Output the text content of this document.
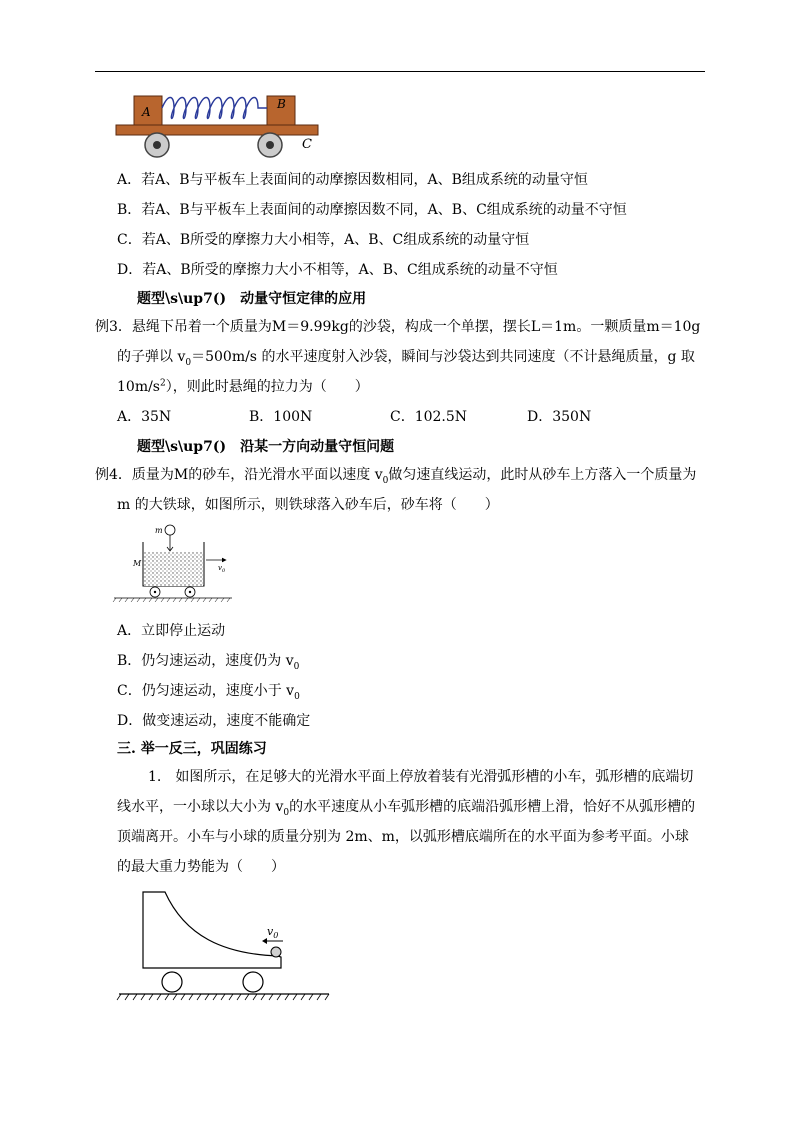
A
B
C
A．若A、B与平板车上表面间的动摩擦因数相同，A、B组成系统的动量守恒
B．若A、B与平板车上表面间的动摩擦因数不同，A、B、C组成系统的动量不守恒
C．若A、B所受的摩擦力大小相等，A、B、C组成系统的动量守恒
D．若A、B所受的摩擦力大小不相等，A、B、C组成系统的动量不守恒
题型\s\up7()　动量守恒定律的应用
例3．悬绳下吊着一个质量为M＝9.99kg的沙袋，构成一个单摆，摆长L＝1m。一颗质量m＝10g
的子弹以 $v_0=500m/s$ 的水平速度射入沙袋，瞬间与沙袋达到共同速度（不计悬绳质量，g 取
$10m/s^2$），则此时悬绳的拉力为（　　）
A．35N	B．100N	C．102.5N	D．350N
题型\s\up7()　沿某一方向动量守恒问题
例4．质量为M的砂车，沿光滑水平面以速度 $v_0$做匀速直线运动，此时从砂车上方落入一个质量为
m 的大铁球，如图所示，则铁球落入砂车后，砂车将（　　）
m
M	$v_0$
A．立即停止运动
B．仍匀速运动，速度仍为 $v_0$
C．仍匀速运动，速度小于 $v_0$
D．做变速运动，速度不能确定
三. 举一反三，巩固练习
1.　如图所示，在足够大的光滑水平面上停放着装有光滑弧形槽的小车，弧形槽的底端切
线水平，一小球以大小为 $v_0$的水平速度从小车弧形槽的底端沿弧形槽上滑，恰好不从弧形槽的
顶端离开。小车与小球的质量分别为 2m、m，以弧形槽底端所在的水平面为参考平面。小球
的最大重力势能为（　　）
$v_0$
